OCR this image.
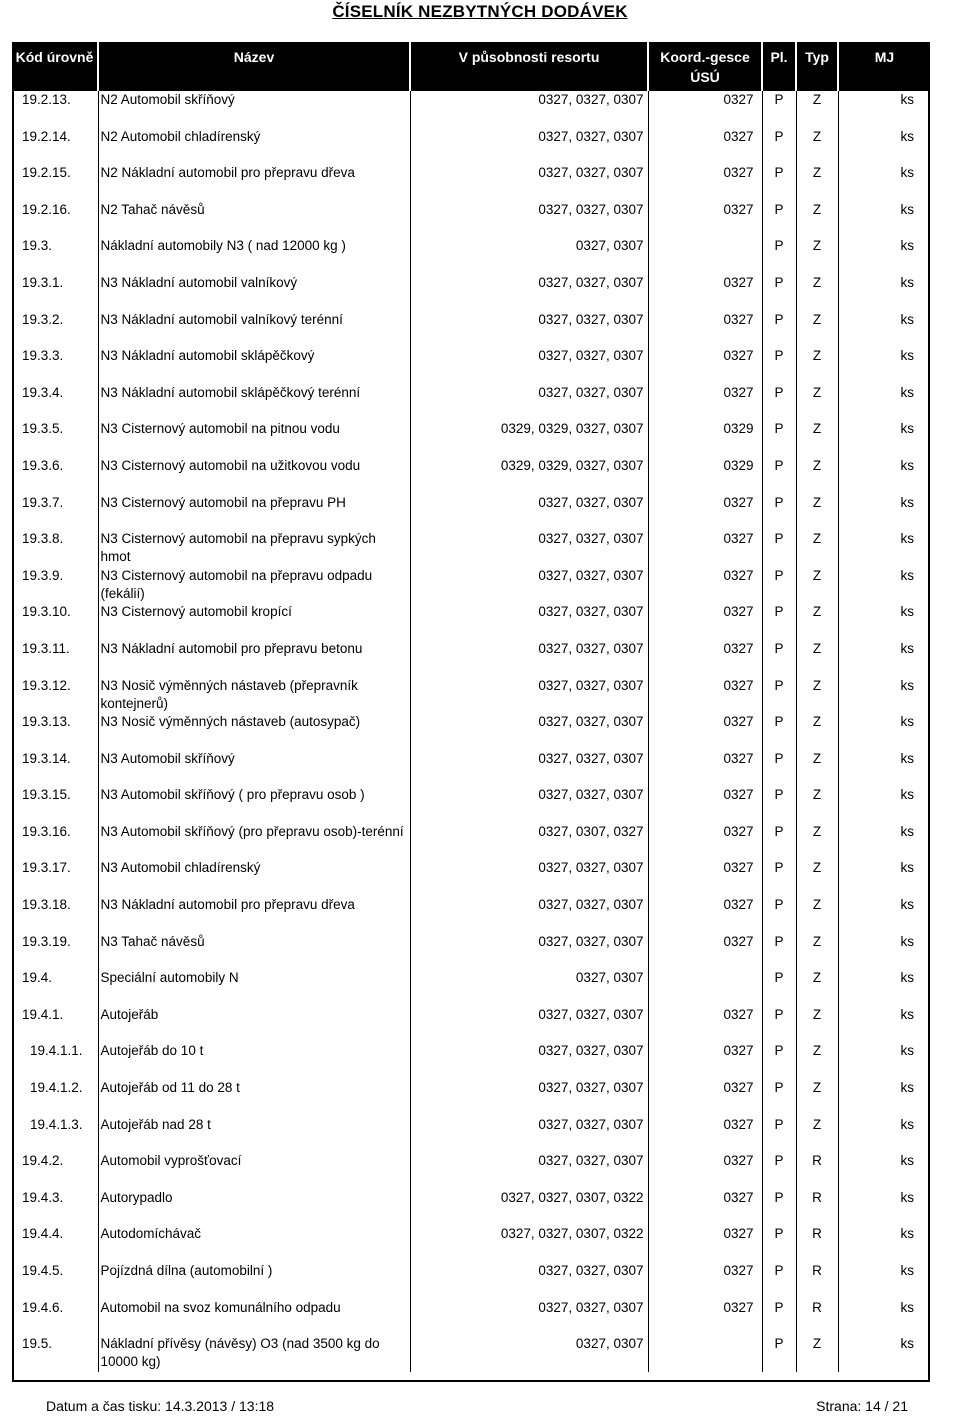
ČÍSELNÍK NEZBYTNÝCH DODÁVEK
Kód úrovně	Název	V působnosti resortu	Koord.-gesce ÚSÚ	Pl.	Typ	MJ
19.2.13.	N2 Automobil skříňový	0327, 0327, 0307	0327	P	Z	ks
19.2.14.	N2 Automobil chladírenský	0327, 0327, 0307	0327	P	Z	ks
19.2.15.	N2 Nákladní automobil pro přepravu dřeva	0327, 0327, 0307	0327	P	Z	ks
19.2.16.	N2 Tahač návěsů	0327, 0327, 0307	0327	P	Z	ks
19.3.	Nákladní automobily N3 ( nad 12000 kg )	0327, 0307		P	Z	ks
19.3.1.	N3 Nákladní automobil valníkový	0327, 0327, 0307	0327	P	Z	ks
19.3.2.	N3 Nákladní automobil valníkový terénní	0327, 0327, 0307	0327	P	Z	ks
19.3.3.	N3 Nákladní automobil sklápěčkový	0327, 0327, 0307	0327	P	Z	ks
19.3.4.	N3 Nákladní automobil sklápěčkový terénní	0327, 0327, 0307	0327	P	Z	ks
19.3.5.	N3 Cisternový automobil na pitnou vodu	0329, 0329, 0327, 0307	0329	P	Z	ks
19.3.6.	N3 Cisternový automobil na užitkovou vodu	0329, 0329, 0327, 0307	0329	P	Z	ks
19.3.7.	N3 Cisternový automobil na přepravu PH	0327, 0327, 0307	0327	P	Z	ks
19.3.8.	N3 Cisternový automobil na přepravu sypkých hmot	0327, 0327, 0307	0327	P	Z	ks
19.3.9.	N3 Cisternový automobil na přepravu odpadu (fekálií)	0327, 0327, 0307	0327	P	Z	ks
19.3.10.	N3 Cisternový automobil kropící	0327, 0327, 0307	0327	P	Z	ks
19.3.11.	N3 Nákladní automobil pro přepravu betonu	0327, 0327, 0307	0327	P	Z	ks
19.3.12.	N3 Nosič výměnných nástaveb (přepravník kontejnerů)	0327, 0327, 0307	0327	P	Z	ks
19.3.13.	N3 Nosič výměnných nástaveb (autosypač)	0327, 0327, 0307	0327	P	Z	ks
19.3.14.	N3 Automobil skříňový	0327, 0327, 0307	0327	P	Z	ks
19.3.15.	N3 Automobil skříňový ( pro přepravu osob )	0327, 0327, 0307	0327	P	Z	ks
19.3.16.	N3 Automobil skříňový (pro přepravu osob)-terénní	0327, 0307, 0327	0327	P	Z	ks
19.3.17.	N3 Automobil chladírenský	0327, 0327, 0307	0327	P	Z	ks
19.3.18.	N3 Nákladní automobil pro přepravu dřeva	0327, 0327, 0307	0327	P	Z	ks
19.3.19.	N3 Tahač návěsů	0327, 0327, 0307	0327	P	Z	ks
19.4.	Speciální automobily N	0327, 0307		P	Z	ks
19.4.1.	Autojeřáb	0327, 0327, 0307	0327	P	Z	ks
19.4.1.1.	Autojeřáb do 10 t	0327, 0327, 0307	0327	P	Z	ks
19.4.1.2.	Autojeřáb od 11 do 28 t	0327, 0327, 0307	0327	P	Z	ks
19.4.1.3.	Autojeřáb nad 28 t	0327, 0327, 0307	0327	P	Z	ks
19.4.2.	Automobil vyprošťovací	0327, 0327, 0307	0327	P	R	ks
19.4.3.	Autorypadlo	0327, 0327, 0307, 0322	0327	P	R	ks
19.4.4.	Autodomíchávač	0327, 0327, 0307, 0322	0327	P	R	ks
19.4.5.	Pojízdná dílna (automobilní )	0327, 0327, 0307	0327	P	R	ks
19.4.6.	Automobil na svoz komunálního odpadu	0327, 0327, 0307	0327	P	R	ks
19.5.	Nákladní přívěsy (návěsy) O3 (nad 3500 kg do 10000 kg)	0327, 0307		P	Z	ks
Datum a čas tisku: 14.3.2013 / 13:18	Strana: 14 / 21
